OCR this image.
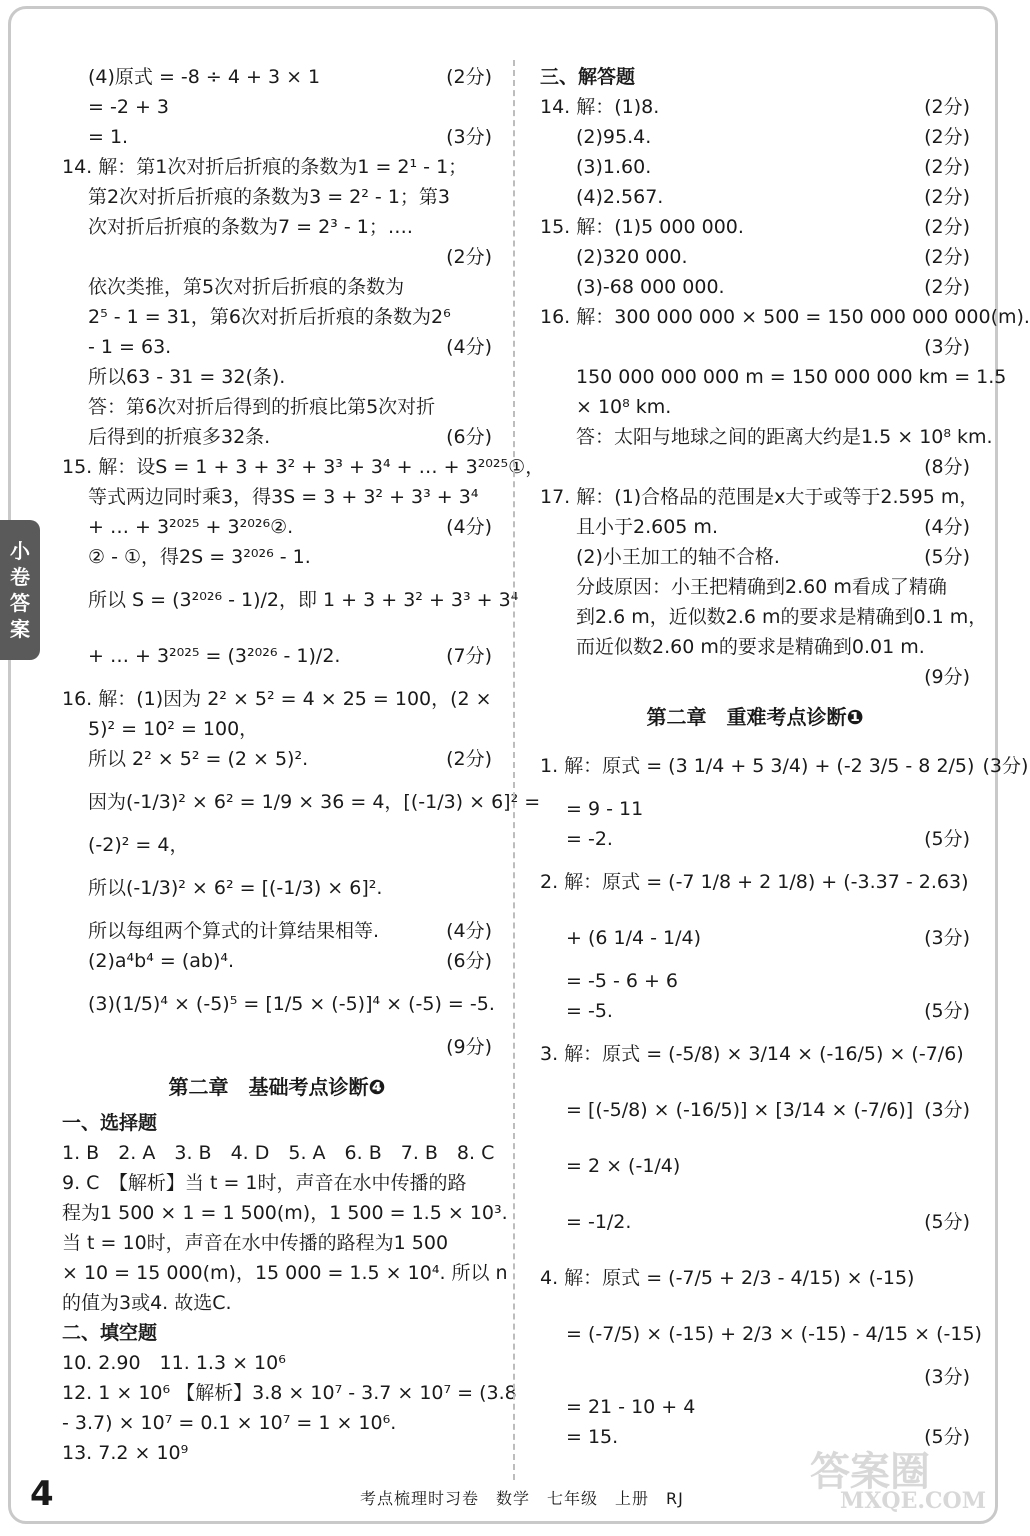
小
卷
答
案
(4)原式 = -8 ÷ 4 + 3 × 1	(2分)
= -2 + 3
= 1.	(3分)
14. 解：第1次对折后折痕的条数为1 = 2¹ - 1；
第2次对折后折痕的条数为3 = 2² - 1；第3
次对折后折痕的条数为7 = 2³ - 1；….
(2分)
依次类推，第5次对折后折痕的条数为
2⁵ - 1 = 31，第6次对折后折痕的条数为2⁶
- 1 = 63.	(4分)
所以63 - 31 = 32(条).
答：第6次对折后得到的折痕比第5次对折
后得到的折痕多32条.	(6分)
15. 解：设S = 1 + 3 + 3² + 3³ + 3⁴ + … + 3²⁰²⁵①，
等式两边同时乘3，得3S = 3 + 3² + 3³ + 3⁴
+ … + 3²⁰²⁵ + 3²⁰²⁶②.	(4分)
② - ①，得2S = 3²⁰²⁶ - 1.
所以 S = (3²⁰²⁶ - 1)/2，即 1 + 3 + 3² + 3³ + 3⁴
+ … + 3²⁰²⁵ = (3²⁰²⁶ - 1)/2.	(7分)
16. 解：(1)因为 2² × 5² = 4 × 25 = 100，(2 ×
5)² = 10² = 100，
所以 2² × 5² = (2 × 5)².	(2分)
因为(-1/3)² × 6² = 1/9 × 36 = 4，[(-1/3) × 6]² =
(-2)² = 4，
所以(-1/3)² × 6² = [(-1/3) × 6]².
所以每组两个算式的计算结果相等.	(4分)
(2)a⁴b⁴ = (ab)⁴.	(6分)
(3)(1/5)⁴ × (-5)⁵ = [1/5 × (-5)]⁴ × (-5) = -5.
(9分)
第二章　基础考点诊断❹
一、选择题
1. B　2. A　3. B　4. D　5. A　6. B　7. B　8. C
9. C　【解析】当 t = 1时，声音在水中传播的路
程为1 500 × 1 = 1 500(m)，1 500 = 1.5 × 10³.
当 t = 10时，声音在水中传播的路程为1 500
× 10 = 15 000(m)，15 000 = 1.5 × 10⁴. 所以 n
的值为3或4. 故选C.
二、填空题
10. 2.90　11. 1.3 × 10⁶
12. 1 × 10⁶ 【解析】3.8 × 10⁷ - 3.7 × 10⁷ = (3.8
- 3.7) × 10⁷ = 0.1 × 10⁷ = 1 × 10⁶.
13. 7.2 × 10⁹
三、解答题
14. 解：(1)8.	(2分)
(2)95.4.	(2分)
(3)1.60.	(2分)
(4)2.567.	(2分)
15. 解：(1)5 000 000.	(2分)
(2)320 000.	(2分)
(3)-68 000 000.	(2分)
16. 解：300 000 000 × 500 = 150 000 000 000(m).
(3分)
150 000 000 000 m = 150 000 000 km = 1.5
× 10⁸ km.
答：太阳与地球之间的距离大约是1.5 × 10⁸ km.
(8分)
17. 解：(1)合格品的范围是x大于或等于2.595 m，
且小于2.605 m.	(4分)
(2)小王加工的轴不合格.	(5分)
分歧原因：小王把精确到2.60 m看成了精确
到2.6 m，近似数2.6 m的要求是精确到0.1 m，
而近似数2.60 m的要求是精确到0.01 m.
(9分)
第二章　重难考点诊断❶
1. 解：原式 = (3 1/4 + 5 3/4) + (-2 3/5 - 8 2/5) (3分)
= 9 - 11
= -2.	(5分)
2. 解：原式 = (-7 1/8 + 2 1/8) + (-3.37 - 2.63)
+ (6 1/4 - 1/4)	(3分)
= -5 - 6 + 6
= -5.	(5分)
3. 解：原式 = (-5/8) × 3/14 × (-16/5) × (-7/6)
= [(-5/8) × (-16/5)] × [3/14 × (-7/6)] (3分)
= 2 × (-1/4)
= -1/2.	(5分)
4. 解：原式 = (-7/5 + 2/3 - 4/15) × (-15)
= (-7/5) × (-15) + 2/3 × (-15) - 4/15 × (-15)
(3分)
= 21 - 10 + 4
= 15.	(5分)
4	考点梳理时习卷　数学　七年级　上册　RJ
答案圈
MXQE.COM
